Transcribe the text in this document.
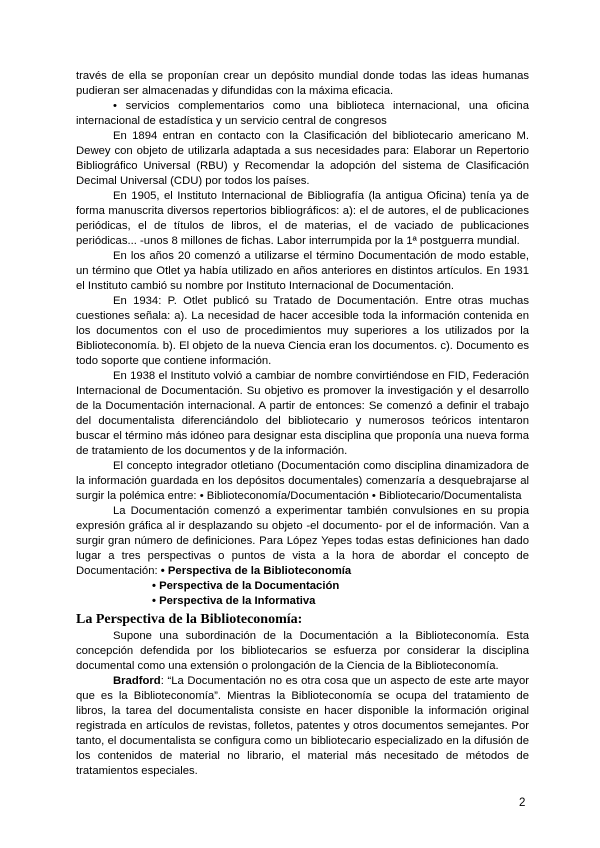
través de ella se proponían crear un depósito mundial donde todas las ideas humanas pudieran ser almacenadas y difundidas con la máxima eficacia.

• servicios complementarios como una biblioteca internacional, una oficina internacional de estadística y un servicio central de congresos

En 1894 entran en contacto con la Clasificación del bibliotecario americano M. Dewey con objeto de utilizarla adaptada a sus necesidades para: Elaborar un Repertorio Bibliográfico Universal (RBU) y Recomendar la adopción del sistema de Clasificación Decimal Universal (CDU) por todos los países.

En 1905, el Instituto Internacional de Bibliografía (la antigua Oficina) tenía ya de forma manuscrita diversos repertorios bibliográficos: a): el de autores, el de publicaciones periódicas, el de títulos de libros, el de materias, el de vaciado de publicaciones periódicas... -unos 8 millones de fichas. Labor interrumpida por la 1ª postguerra mundial.

En los años 20 comenzó a utilizarse el término Documentación de modo estable, un término que Otlet ya había utilizado en años anteriores en distintos artículos. En 1931 el Instituto cambió su nombre por Instituto Internacional de Documentación.

En 1934: P. Otlet publicó su Tratado de Documentación. Entre otras muchas cuestiones señala: a). La necesidad de hacer accesible toda la información contenida en los documentos con el uso de procedimientos muy superiores a los utilizados por la Biblioteconomía. b). El objeto de la nueva Ciencia eran los documentos. c). Documento es todo soporte que contiene información.

En 1938 el Instituto volvió a cambiar de nombre convirtiéndose en FID, Federación Internacional de Documentación. Su objetivo es promover la investigación y el desarrollo de la Documentación internacional. A partir de entonces: Se comenzó a definir el trabajo del documentalista diferenciándolo del bibliotecario y numerosos teóricos intentaron buscar el término más idóneo para designar esta disciplina que proponía una nueva forma de tratamiento de los documentos y de la información.

El concepto integrador otletiano (Documentación como disciplina dinamizadora de la información guardada en los depósitos documentales) comenzaría a desquebrajarse al surgir la polémica entre: • Biblioteconomía/Documentación • Bibliotecario/Documentalista

La Documentación comenzó a experimentar también convulsiones en su propia expresión gráfica al ir desplazando su objeto -el documento- por el de información. Van a surgir gran número de definiciones. Para López Yepes todas estas definiciones han dado lugar a tres perspectivas o puntos de vista a la hora de abordar el concepto de Documentación: • Perspectiva de la Biblioteconomía

• Perspectiva de la Documentación

• Perspectiva de la Informativa

La Perspectiva de la Biblioteconomía:

Supone una subordinación de la Documentación a la Biblioteconomía. Esta concepción defendida por los bibliotecarios se esfuerza por considerar la disciplina documental como una extensión o prolongación de la Ciencia de la Biblioteconomía.

Bradford: “La Documentación no es otra cosa que un aspecto de este arte mayor que es la Biblioteconomía”. Mientras la Biblioteconomía se ocupa del tratamiento de libros, la tarea del documentalista consiste en hacer disponible la información original registrada en artículos de revistas, folletos, patentes y otros documentos semejantes. Por tanto, el documentalista se configura como un bibliotecario especializado en la difusión de los contenidos de material no librario, el material más necesitado de métodos de tratamientos especiales.

2
